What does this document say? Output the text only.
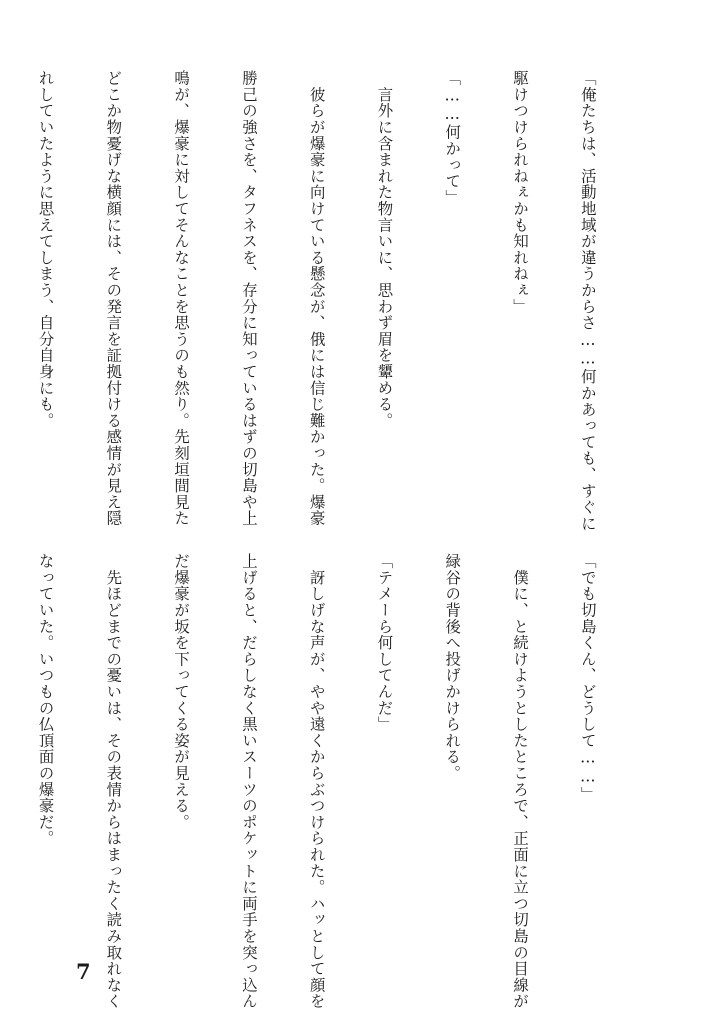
「俺たちは、活動地域が違うからさ……何かあっても、すぐに

駆けつけられねぇかも知れねぇ」

「……何かって」

　言外に含まれた物言いに、思わず眉を顰める。

　彼らが爆豪に向けている懸念が、俄には信じ難かった。爆豪

勝己の強さを、タフネスを、存分に知っているはずの切島や上

鳴が、爆豪に対してそんなことを思うのも然り。先刻垣間見た

どこか物憂げな横顔には、その発言を証拠付ける感情が見え隠

れしていたように思えてしまう、自分自身にも。

「でも切島くん、どうして……」

　僕に、と続けようとしたところで、正面に立つ切島の目線が

緑谷の背後へ投げかけられる。

「テメーら何してんだ」

　訝しげな声が、やや遠くからぶつけられた。ハッとして顔を

上げると、だらしなく黒いスーツのポケットに両手を突っ込ん

だ爆豪が坂を下ってくる姿が見える。

　先ほどまでの憂いは、その表情からはまったく読み取れなく

なっていた。いつもの仏頂面の爆豪だ。

7
